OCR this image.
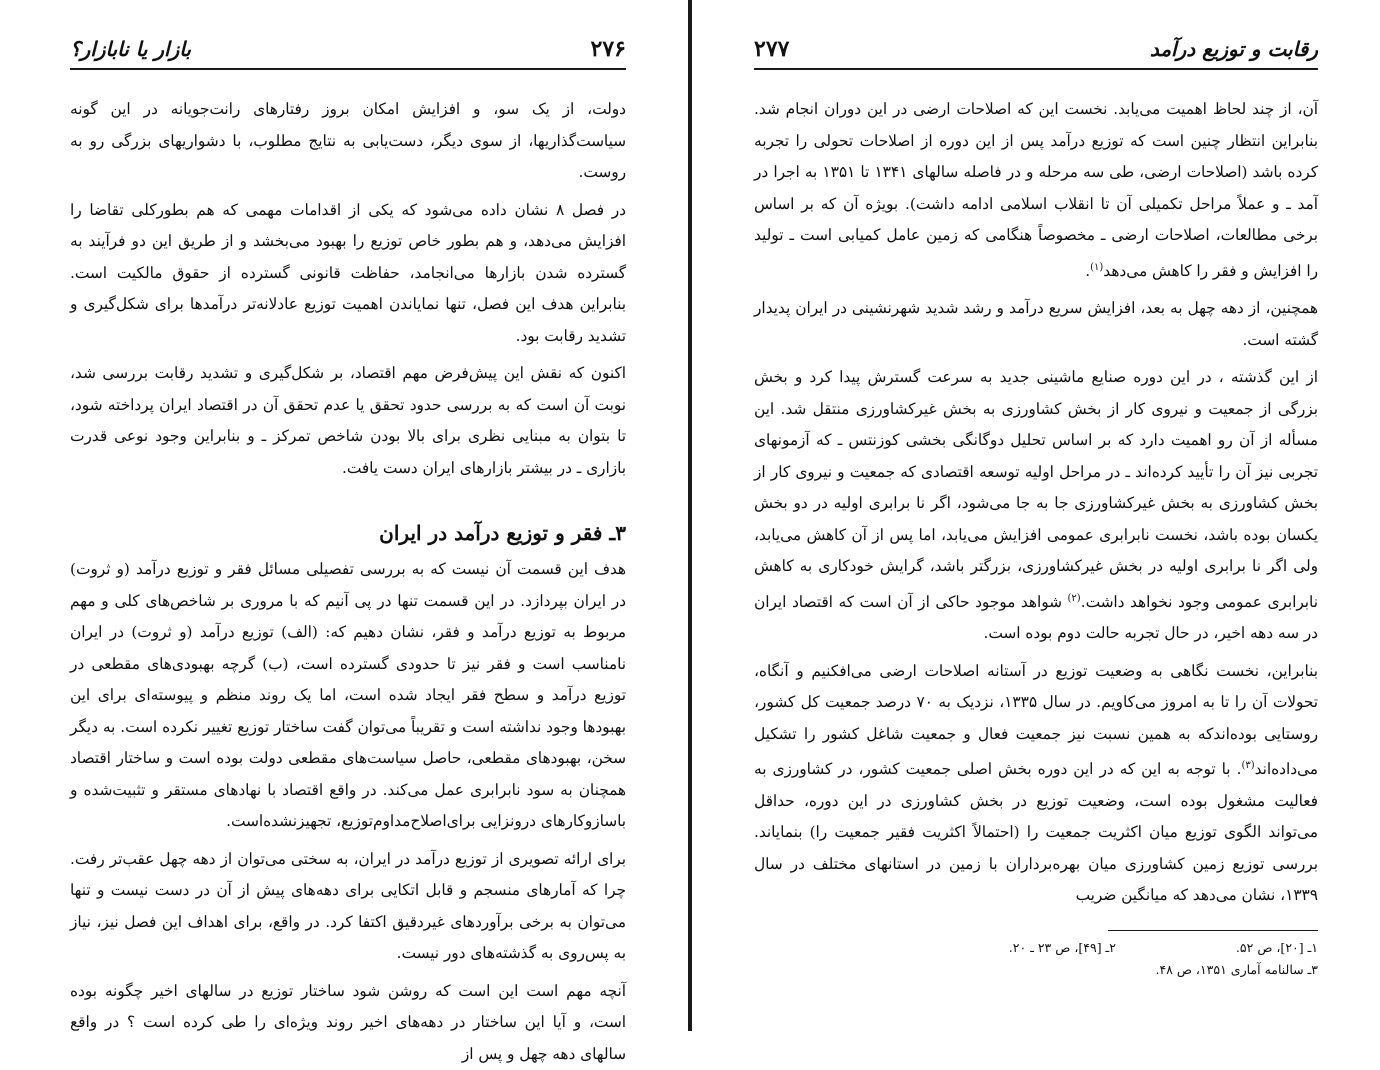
۲۷۶
بازار یا نابازار؟

دولت، از یک سو، و افزایش امکان بروز رفتارهای رانت‌جویانه در این گونه سیاست‌گذاریها، از سوی دیگر، دست‌یابی به نتایج مطلوب، با دشواریهای بزرگی رو به روست.

در فصل ۸ نشان داده می‌شود که یکی از اقدامات مهمی که هم بطورکلی تقاضا را افزایش می‌دهد، و هم بطور خاص توزیع را بهبود می‌بخشد و از طریق این دو فرآیند به گسترده شدن بازارها می‌انجامد، حفاظت قانونی گسترده از حقوق مالکیت است. بنابراین هدف این فصل، تنها نمایاندن اهمیت توزیع عادلانه‌تر درآمدها برای شکل‌گیری و تشدید رقابت بود.

اکنون که نقش این پیش‌فرض مهم اقتصاد، بر شکل‌گیری و تشدید رقابت بررسی شد، نوبت آن است که به بررسی حدود تحقق یا عدم تحقق آن در اقتصاد ایران پرداخته شود، تا بتوان به مبنایی نظری برای بالا بودن شاخص تمرکز ـ و بنابراین وجود نوعی قدرت بازاری ـ در بیشتر بازارهای ایران دست یافت.

۳ـ فقر و توزیع درآمد در ایران

هدف این قسمت آن نیست که به بررسی تفصیلی مسائل فقر و توزیع درآمد (و ثروت) در ایران بپردازد. در این قسمت تنها در پی آنیم که با مروری بر شاخص‌های کلی و مهم مربوط به توزیع درآمد و فقر، نشان دهیم که: (الف) توزیع درآمد (و ثروت) در ایران نامناسب است و فقر نیز تا حدودی گسترده است، (ب) گرچه بهبودی‌های مقطعی در توزیع درآمد و سطح فقر ایجاد شده است، اما یک روند منظم و پیوسته‌ای برای این بهبودها وجود نداشته است و تقریباً می‌توان گفت ساختار توزیع تغییر نکرده است. به دیگر سخن، بهبودهای مقطعی، حاصل سیاست‌های مقطعی دولت بوده است و ساختار اقتصاد همچنان به سود نابرابری عمل می‌کند. در واقع اقتصاد با نهادهای مستقر و تثبیت‌شده و باسازوکارهای درونزایی برای‌اصلاح‌مداوم‌توزیع، تجهیزنشده‌است.

برای ارائه تصویری از توزیع درآمد در ایران، به سختی می‌توان از دهه چهل عقب‌تر رفت. چرا که آمارهای منسجم و قابل اتکایی برای دهه‌های پیش از آن در دست نیست و تنها می‌توان به برخی برآوردهای غیردقیق اکتفا کرد. در واقع، برای اهداف این فصل نیز، نیاز به پس‌روی به گذشته‌های دور نیست.

آنچه مهم است این است که روشن شود ساختار توزیع در سالهای اخیر چگونه بوده است، و آیا این ساختار در دهه‌های اخیر روند ویژه‌ای را طی کرده است ؟ در واقع سالهای دهه چهل و پس از

رقابت و توزیع درآمد
۲۷۷

آن، از چند لحاظ اهمیت می‌یابد. نخست این که اصلاحات ارضی در این دوران انجام شد. بنابراین انتظار چنین است که توزیع درآمد پس از این دوره از اصلاحات تحولی را تجربه کرده باشد (اصلاحات ارضی، طی سه مرحله و در فاصله سالهای ۱۳۴۱ تا ۱۳۵۱ به اجرا در آمد ـ و عملاً مراحل تکمیلی آن تا انقلاب اسلامی ادامه داشت). بویژه آن که بر اساس برخی مطالعات، اصلاحات ارضی ـ مخصوصاً هنگامی که زمین عامل کمیابی است ـ تولید را افزایش و فقر را کاهش می‌دهد$^{(۱)}$.

همچنین، از دهه چهل به بعد، افزایش سریع درآمد و رشد شدید شهرنشینی در ایران پدیدار گشته است.

از این گذشته ، در این دوره صنایع ماشینی جدید به سرعت گسترش پیدا کرد و بخش بزرگی از جمعیت و نیروی کار از بخش کشاورزی به بخش غیرکشاورزی منتقل شد. این مسأله از آن رو اهمیت دارد که بر اساس تحلیل دوگانگی بخشی کوزنتس ـ که آزمونهای تجربی نیز آن را تأیید کرده‌اند ـ در مراحل اولیه توسعه اقتصادی که جمعیت و نیروی کار از بخش کشاورزی به بخش غیرکشاورزی جا به جا می‌شود، اگر نا برابری اولیه در دو بخش یکسان بوده باشد، نخست نابرابری عمومی افزایش می‌یابد، اما پس از آن کاهش می‌یابد، ولی اگر نا برابری اولیه در بخش غیرکشاورزی، بزرگتر باشد، گرایش خودکاری به کاهش نابرابری عمومی وجود نخواهد داشت.$^{(۲)}$ شواهد موجود حاکی از آن است که اقتصاد ایران در سه دهه اخیر، در حال تجربه حالت دوم بوده است.

بنابراین، نخست نگاهی به وضعیت توزیع در آستانه اصلاحات ارضی می‌افکنیم و آنگاه، تحولات آن را تا به امروز می‌کاویم. در سال ۱۳۳۵، نزدیک به ۷۰ درصد جمعیت کل کشور، روستایی بوده‌اندکه به همین نسبت نیز جمعیت فعال و جمعیت شاغل کشور را تشکیل می‌داده‌اند$^{(۳)}$. با توجه به این که در این دوره بخش اصلی جمعیت کشور، در کشاورزی به فعالیت مشغول بوده است، وضعیت توزیع در بخش کشاورزی در این دوره، حداقل می‌تواند الگوی توزیع میان اکثریت جمعیت را (احتمالاً اکثریت فقیر جمعیت را) بنمایاند. بررسی توزیع زمین کشاورزی میان بهره‌برداران با زمین در استانهای مختلف در سال ۱۳۳۹، نشان می‌دهد که میانگین ضریب

۱ـ [۲۰]، ص ۵۲.
۲ـ [۴۹]، ص ۲۳ ـ ۲۰.
۳ـ سالنامه آماری ۱۳۵۱، ص ۴۸.
